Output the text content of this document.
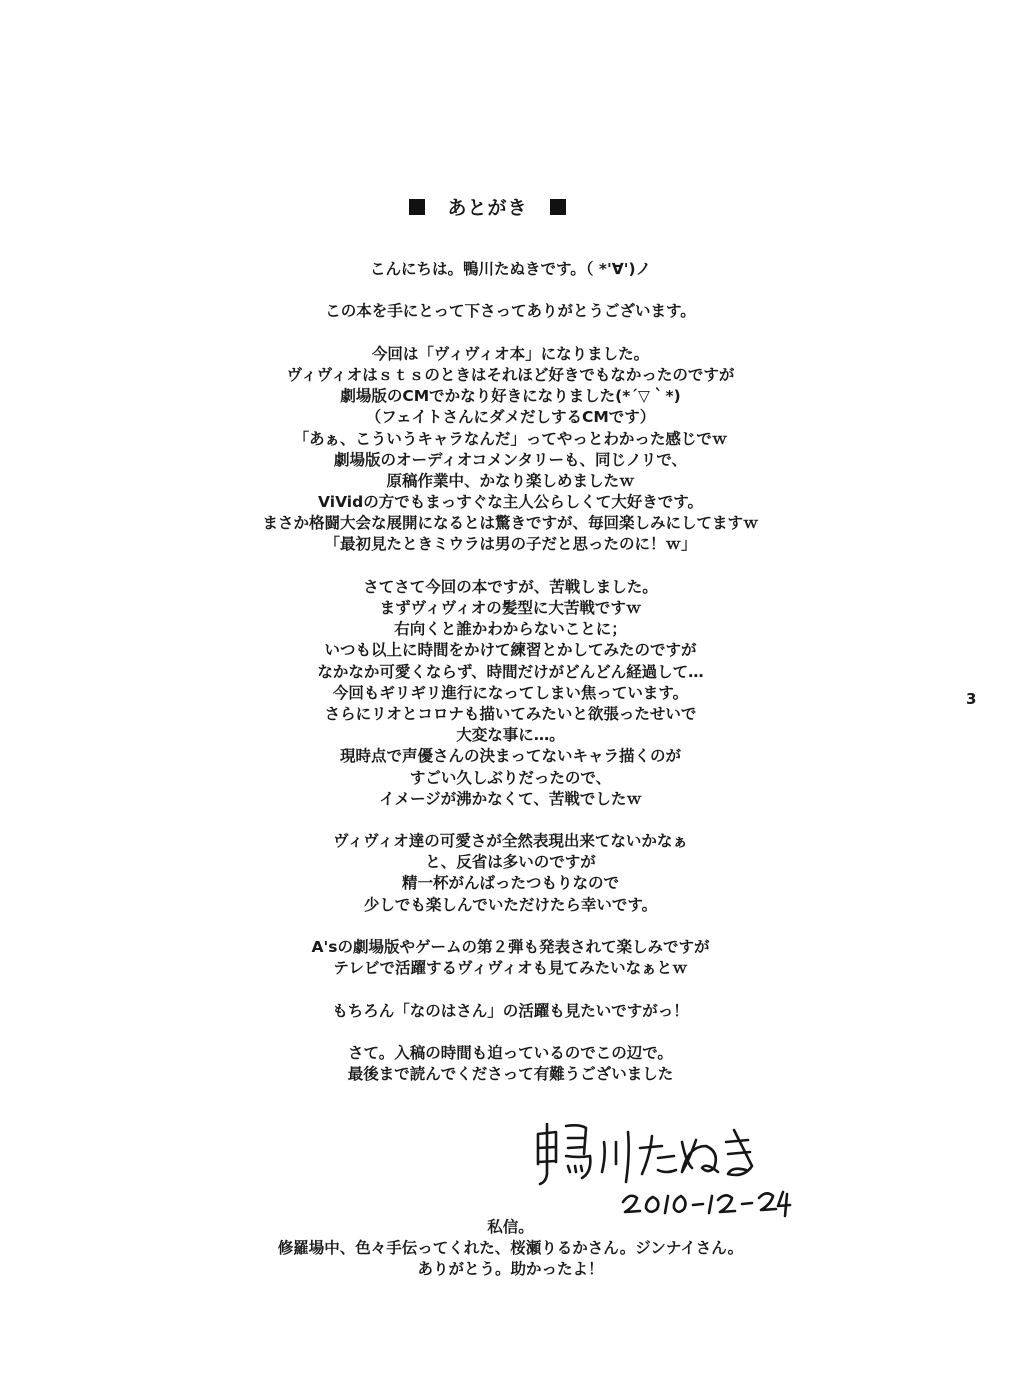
あとがき
こんにちは。鴨川たぬきです。（ *'∀')ノ
この本を手にとって下さってありがとうございます。
今回は「ヴィヴィオ本」になりました。
ヴィヴィオはｓｔｓのときはそれほど好きでもなかったのですが
劇場版のCMでかなり好きになりました(*´▽｀*)
（フェイトさんにダメだしするCMです）
「あぁ、こういうキャラなんだ」ってやっとわかった感じでｗ
劇場版のオーディオコメンタリーも、同じノリで、
原稿作業中、かなり楽しめましたｗ
ViVidの方でもまっすぐな主人公らしくて大好きです。
まさか格闘大会な展開になるとは驚きですが、毎回楽しみにしてますｗ
「最初見たときミウラは男の子だと思ったのに！ｗ」
さてさて今回の本ですが、苦戦しました。
まずヴィヴィオの髪型に大苦戦ですｗ
右向くと誰かわからないことに；
いつも以上に時間をかけて練習とかしてみたのですが
なかなか可愛くならず、時間だけがどんどん経過して…
今回もギリギリ進行になってしまい焦っています。
さらにリオとコロナも描いてみたいと欲張ったせいで
大変な事に…。
現時点で声優さんの決まってないキャラ描くのが
すごい久しぶりだったので、
イメージが沸かなくて、苦戦でしたｗ
ヴィヴィオ達の可愛さが全然表現出来てないかなぁ
と、反省は多いのですが
精一杯がんばったつもりなので
少しでも楽しんでいただけたら幸いです。
A'sの劇場版やゲームの第２弾も発表されて楽しみですが
テレビで活躍するヴィヴィオも見てみたいなぁとｗ
もちろん「なのはさん」の活躍も見たいですがっ！
さて。入稿の時間も迫っているのでこの辺で。
最後まで読んでくださって有難うございました
3
私信。
修羅場中、色々手伝ってくれた、桜瀬りるかさん。ジンナイさん。
ありがとう。助かったよ！
